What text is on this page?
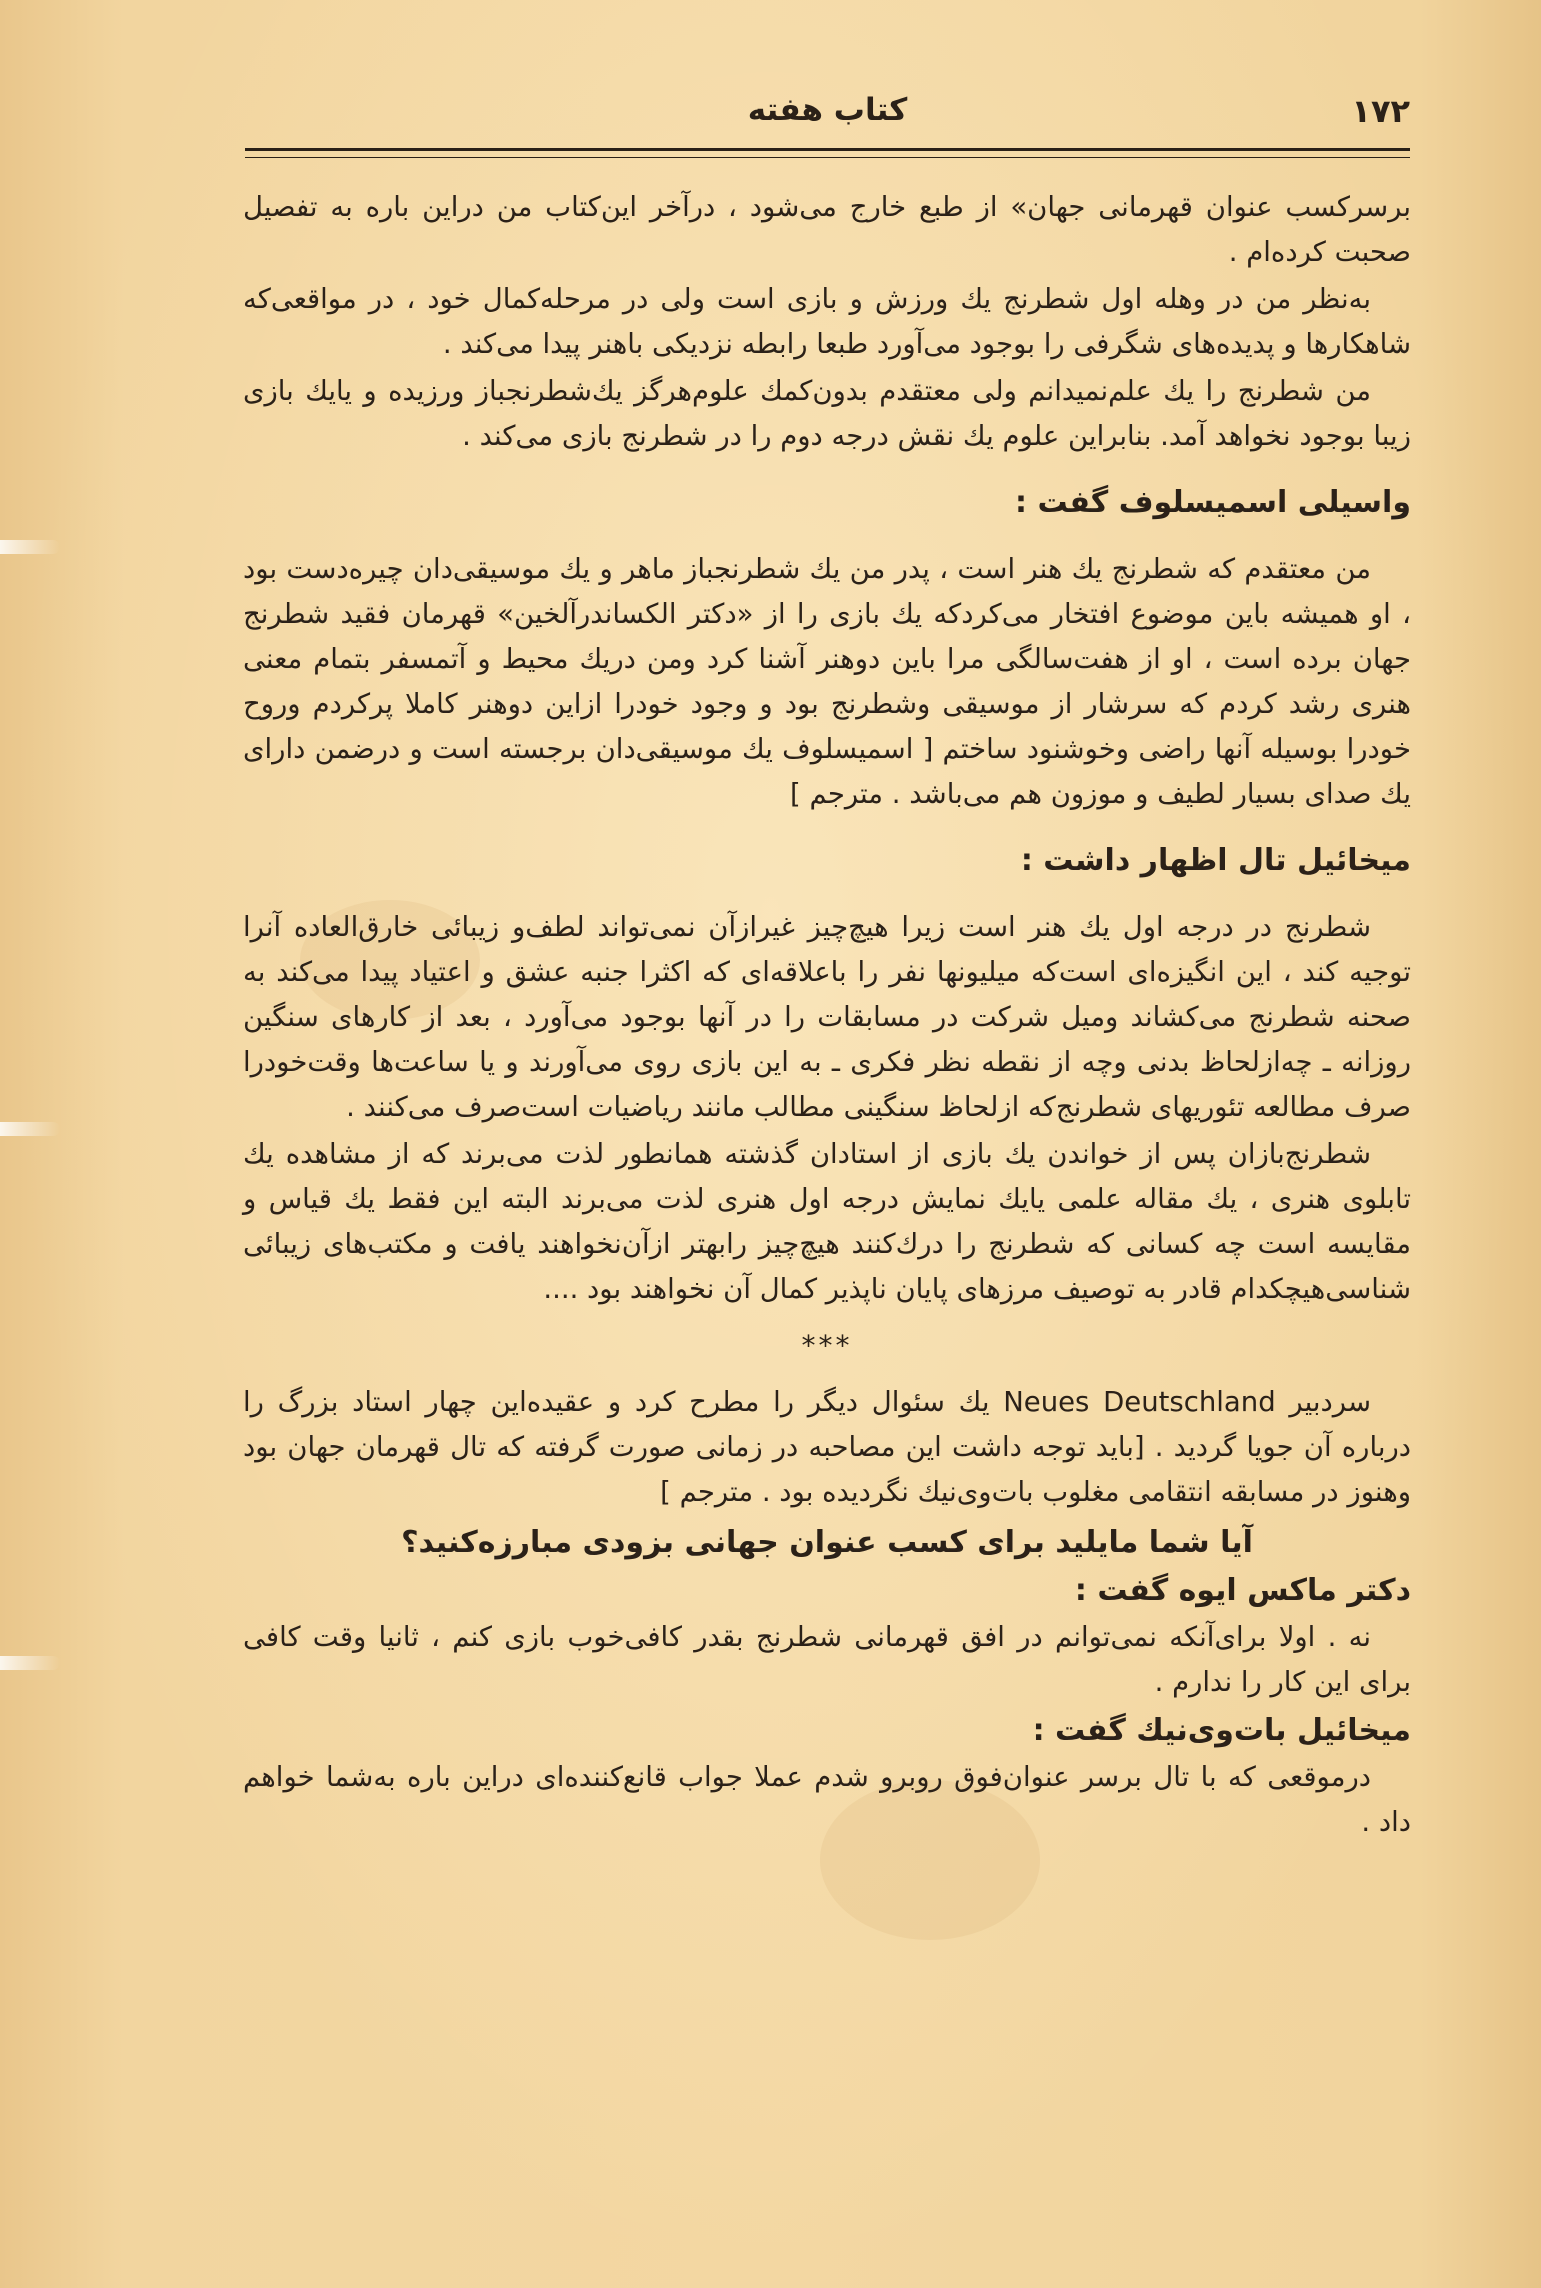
۱۷۲
کتاب هفته

برسرکسب عنوان قهرمانی جهان» از طبع خارج می‌شود ، درآخر این‌کتاب من دراین باره به تفصیل صحبت کرده‌ام .

به‌نظر من در وهله اول شطرنج یك ورزش و بازی است ولی در مرحله‌کمال خود ، در مواقعی‌که شاهکارها و پدیده‌های شگرفی را بوجود می‌آورد طبعا رابطه نزدیکی باهنر پیدا می‌کند .

من شطرنج را یك علم‌نمیدانم ولی معتقدم بدون‌کمك علوم‌هرگز یك‌شطرنجباز ورزیده و یایك بازی زیبا بوجود نخواهد آمد. بنابراین علوم یك نقش درجه دوم را در شطرنج بازی می‌کند .

واسیلی اسمیسلوف گفت :

من معتقدم که شطرنج یك هنر است ، پدر من یك شطرنجباز ماهر و یك موسیقی‌دان چیره‌دست بود ، او همیشه باین موضوع افتخار می‌کردکه یك بازی را از «دکتر الکساندرآلخین» قهرمان فقید شطرنج جهان برده است ، او از هفت‌سالگی مرا باین دوهنر آشنا کرد ومن دریك محیط و آتمسفر بتمام معنی هنری رشد کردم که سرشار از موسیقی وشطرنج بود و وجود خودرا ازاین دوهنر کاملا پرکردم وروح خودرا بوسیله آنها راضی وخوشنود ساختم [ اسمیسلوف یك موسیقی‌دان برجسته است و درضمن دارای یك صدای بسیار لطیف و موزون هم می‌باشد . مترجم ]

میخائیل تال اظهار داشت :

شطرنج در درجه اول یك هنر است زیرا هیچ‌چیز غیرازآن نمی‌تواند لطف‌و زیبائی خارق‌العاده آنرا توجیه کند ، این انگیزه‌ای است‌که میلیونها نفر را باعلاقه‌ای که اکثرا جنبه عشق و اعتیاد پیدا می‌کند به صحنه شطرنج می‌کشاند ومیل شرکت در مسابقات را در آنها بوجود می‌آورد ، بعد از کارهای سنگین روزانه ـ چه‌ازلحاظ بدنی وچه از نقطه نظر فکری ـ به این بازی روی می‌آورند و یا ساعت‌ها وقت‌خودرا صرف مطالعه تئوریهای شطرنج‌که ازلحاظ سنگینی مطالب مانند ریاضیات است‌صرف می‌کنند .

شطرنج‌بازان پس از خواندن یك بازی از استادان گذشته همانطور لذت می‌برند که از مشاهده یك تابلوی هنری ، یك مقاله علمی یایك نمایش درجه اول هنری لذت می‌برند البته این فقط یك قیاس و مقایسه است چه کسانی که شطرنج را درك‌کنند هیچ‌چیز رابهتر ازآن‌نخواهند یافت و مکتب‌های زیبائی شناسی‌هیچکدام قادر به توصیف مرزهای پایان ناپذیر کمال آن نخواهند بود ....

***

سردبیر Neues Deutschland یك سئوال دیگر را مطرح کرد و عقیده‌این چهار استاد بزرگ را درباره آن جویا گردید . [باید توجه داشت این مصاحبه در زمانی صورت گرفته که تال قهرمان جهان بود وهنوز در مسابقه انتقامی مغلوب بات‌وی‌نیك نگردیده بود . مترجم ]

آیا شما مایلید برای کسب عنوان جهانی بزودی مبارزه‌کنید؟
دکتر ماکس ایوه گفت :

نه . اولا برای‌آنکه نمی‌توانم در افق قهرمانی شطرنج بقدر کافی‌خوب بازی کنم ، ثانیا وقت کافی برای این کار را ندارم .

میخائیل بات‌وی‌نیك گفت :

درموقعی که با تال برسر عنوان‌فوق روبرو شدم عملا جواب قانع‌کننده‌ای دراین باره به‌شما خواهم داد .
